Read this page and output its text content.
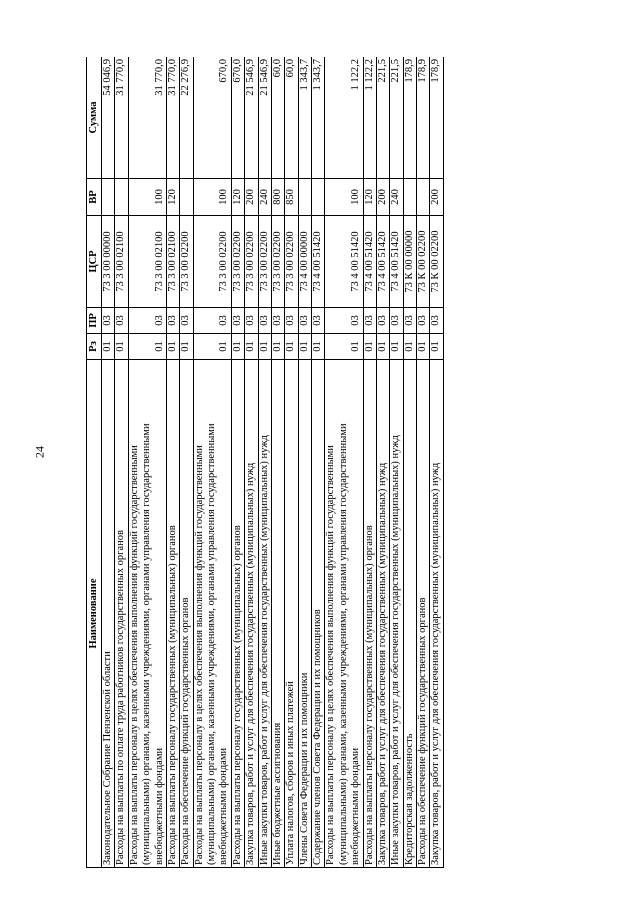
24
Наименование	Рз	ПР	ЦСР	ВР	Сумма
Законодательное Собрание Пензенской области	01	03	73 3 00 00000		54 046,9
Расходы на выплаты по оплате труда работников государственных органов	01	03	73 3 00 02100		31 770,0
Расходы на выплаты персоналу в целях обеспечения выполнения функций государственными (муниципальными) органами, казенными учреждениями, органами управления государственными внебюджетными фондами	01	03	73 3 00 02100	100	31 770,0
Расходы на выплаты персоналу государственных (муниципальных) органов	01	03	73 3 00 02100	120	31 770,0
Расходы на обеспечение функций государственных органов	01	03	73 3 00 02200		22 276,9
Расходы на выплаты персоналу в целях обеспечения выполнения функций государственными (муниципальными) органами, казенными учреждениями, органами управления государственными внебюджетными фондами	01	03	73 3 00 02200	100	670,0
Расходы на выплаты персоналу государственных (муниципальных) органов	01	03	73 3 00 02200	120	670,0
Закупка товаров, работ и услуг для обеспечения государственных (муниципальных) нужд	01	03	73 3 00 02200	200	21 546,9
Иные закупки товаров, работ и услуг для обеспечения государственных (муниципальных) нужд	01	03	73 3 00 02200	240	21 546,9
Иные бюджетные ассигнования	01	03	73 3 00 02200	800	60,0
Уплата налогов, сборов и иных платежей	01	03	73 3 00 02200	850	60,0
Члены Совета Федерации и их помощники	01	03	73 4 00 00000		1 343,7
Содержание членов Совета Федерации и их помощников	01	03	73 4 00 51420		1 343,7
Расходы на выплаты персоналу в целях обеспечения выполнения функций государственными (муниципальными) органами, казенными учреждениями, органами управления государственными внебюджетными фондами	01	03	73 4 00 51420	100	1 122,2
Расходы на выплаты персоналу государственных (муниципальных) органов	01	03	73 4 00 51420	120	1 122,2
Закупка товаров, работ и услуг для обеспечения государственных (муниципальных) нужд	01	03	73 4 00 51420	200	221,5
Иные закупки товаров, работ и услуг для обеспечения государственных (муниципальных) нужд	01	03	73 4 00 51420	240	221,5
Кредиторская задолженность	01	03	73 К 00 00000		178,9
Расходы на обеспечение функций государственных органов	01	03	73 К 00 02200		178,9
Закупка товаров, работ и услуг для обеспечения государственных (муниципальных) нужд	01	03	73 К 00 02200	200	178,9
